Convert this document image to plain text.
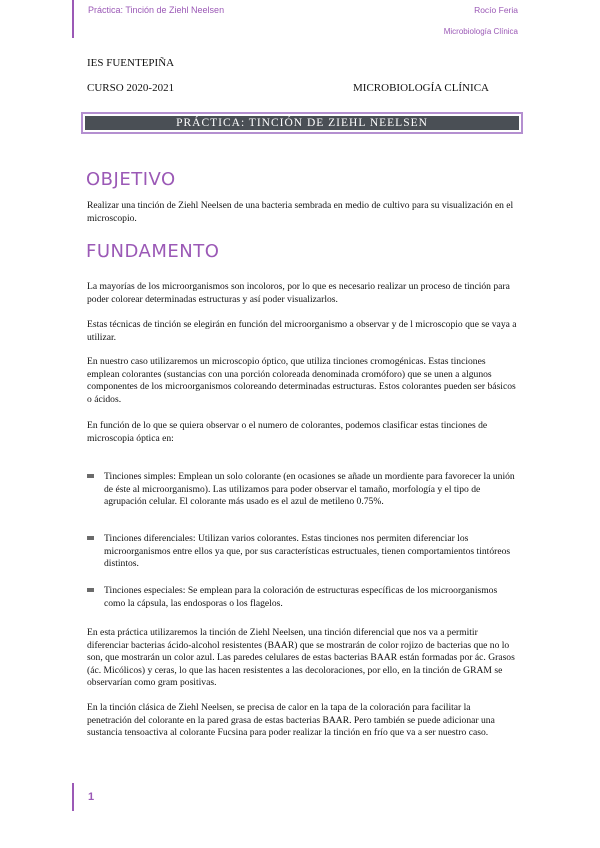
Práctica: Tinción de Ziehl Neelsen	Rocío Feria
Microbiología Clínica
IES FUENTEPIÑA
CURSO 2020-2021	MICROBIOLOGÍA CLÍNICA
PRÁCTICA: TINCIÓN DE ZIEHL NEELSEN
OBJETIVO

Realizar una tinción de Ziehl Neelsen de una bacteria sembrada en medio de cultivo para su visualización en el microscopio.

FUNDAMENTO

La mayorías de los microorganismos son incoloros, por lo que es necesario realizar un proceso de tinción para poder colorear determinadas estructuras y así poder visualizarlos.

Estas técnicas de tinción se elegirán en función del microorganismo a observar y de l microscopio que se vaya a utilizar.

En nuestro caso utilizaremos un microscopio óptico, que utiliza tinciones cromogénicas. Estas tinciones emplean colorantes (sustancias con una porción coloreada denominada cromóforo) que se unen a algunos componentes de los microorganismos coloreando determinadas estructuras. Estos colorantes pueden ser básicos o ácidos.

En función de lo que se quiera observar o el numero de colorantes, podemos clasificar estas tinciones de microscopia óptica en:

Tinciones simples: Emplean un solo colorante (en ocasiones se añade un mordiente para favorecer la unión de éste al microorganismo). Las utilizamos para poder observar el tamaño, morfología y el tipo de agrupación celular. El colorante más usado es el azul de metileno 0.75%.

Tinciones diferenciales: Utilizan varios colorantes. Estas tinciones nos permiten diferenciar los microorganismos entre ellos ya que, por sus características estructuales, tienen comportamientos tintóreos distintos.

Tinciones especiales: Se emplean para la coloración de estructuras específicas de los microorganismos como la cápsula, las endosporas o los flagelos.

En esta práctica utilizaremos la tinción de Ziehl Neelsen, una tinción diferencial que nos va a permitir diferenciar bacterias ácido-alcohol resistentes (BAAR) que se mostrarán de color rojizo de bacterias que no lo son, que mostrarán un color azul. Las paredes celulares de estas bacterias BAAR están formadas por ác. Grasos (ác. Micólicos) y ceras, lo que las hacen resistentes a las decoloraciones, por ello, en la tinción de GRAM se observarían como gram positivas.

En la tinción clásica de Ziehl Neelsen, se precisa de calor en la tapa de la coloración para facilitar la penetración del colorante en la pared grasa de estas bacterias BAAR. Pero también se puede adicionar una sustancia tensoactiva al colorante Fucsina para poder realizar la tinción en frío que va a ser nuestro caso.

1
